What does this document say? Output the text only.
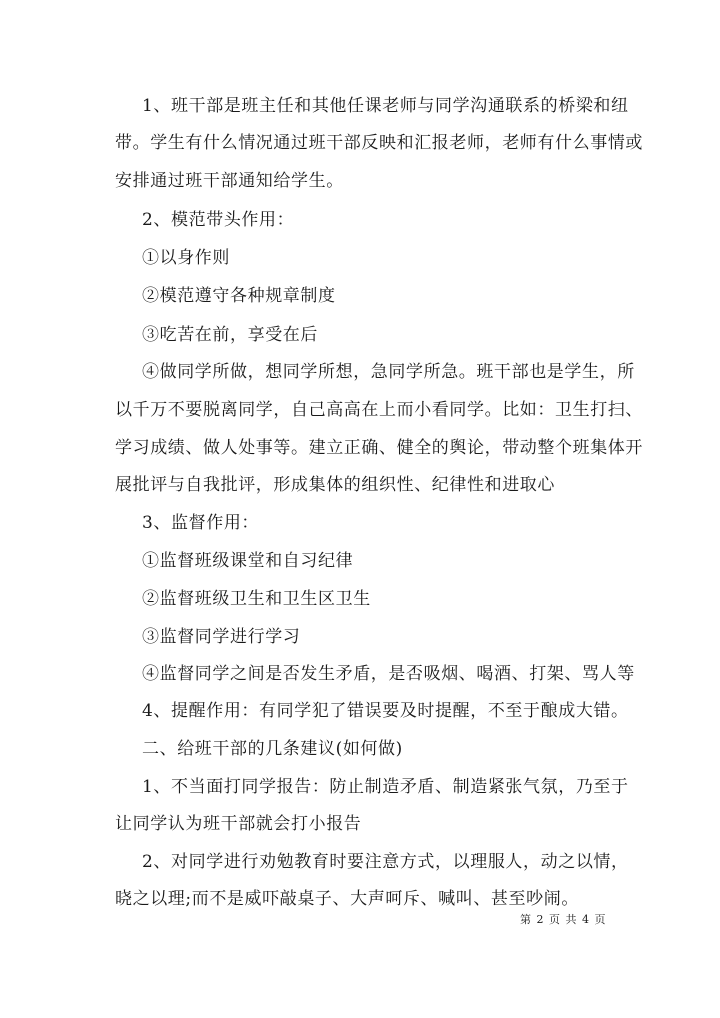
1、班干部是班主任和其他任课老师与同学沟通联系的桥梁和纽
带。学生有什么情况通过班干部反映和汇报老师，老师有什么事情或
安排通过班干部通知给学生。
2、模范带头作用：
①以身作则
②模范遵守各种规章制度
③吃苦在前，享受在后
④做同学所做，想同学所想，急同学所急。班干部也是学生，所
以千万不要脱离同学，自己高高在上而小看同学。比如：卫生打扫、
学习成绩、做人处事等。建立正确、健全的舆论，带动整个班集体开
展批评与自我批评，形成集体的组织性、纪律性和进取心
3、监督作用：
①监督班级课堂和自习纪律
②监督班级卫生和卫生区卫生
③监督同学进行学习
④监督同学之间是否发生矛盾，是否吸烟、喝酒、打架、骂人等
4、提醒作用：有同学犯了错误要及时提醒，不至于酿成大错。
二、给班干部的几条建议(如何做)
1、不当面打同学报告：防止制造矛盾、制造紧张气氛，乃至于
让同学认为班干部就会打小报告
2、对同学进行劝勉教育时要注意方式，以理服人，动之以情，
晓之以理;而不是威吓敲桌子、大声呵斥、喊叫、甚至吵闹。
第 2 页 共 4 页
